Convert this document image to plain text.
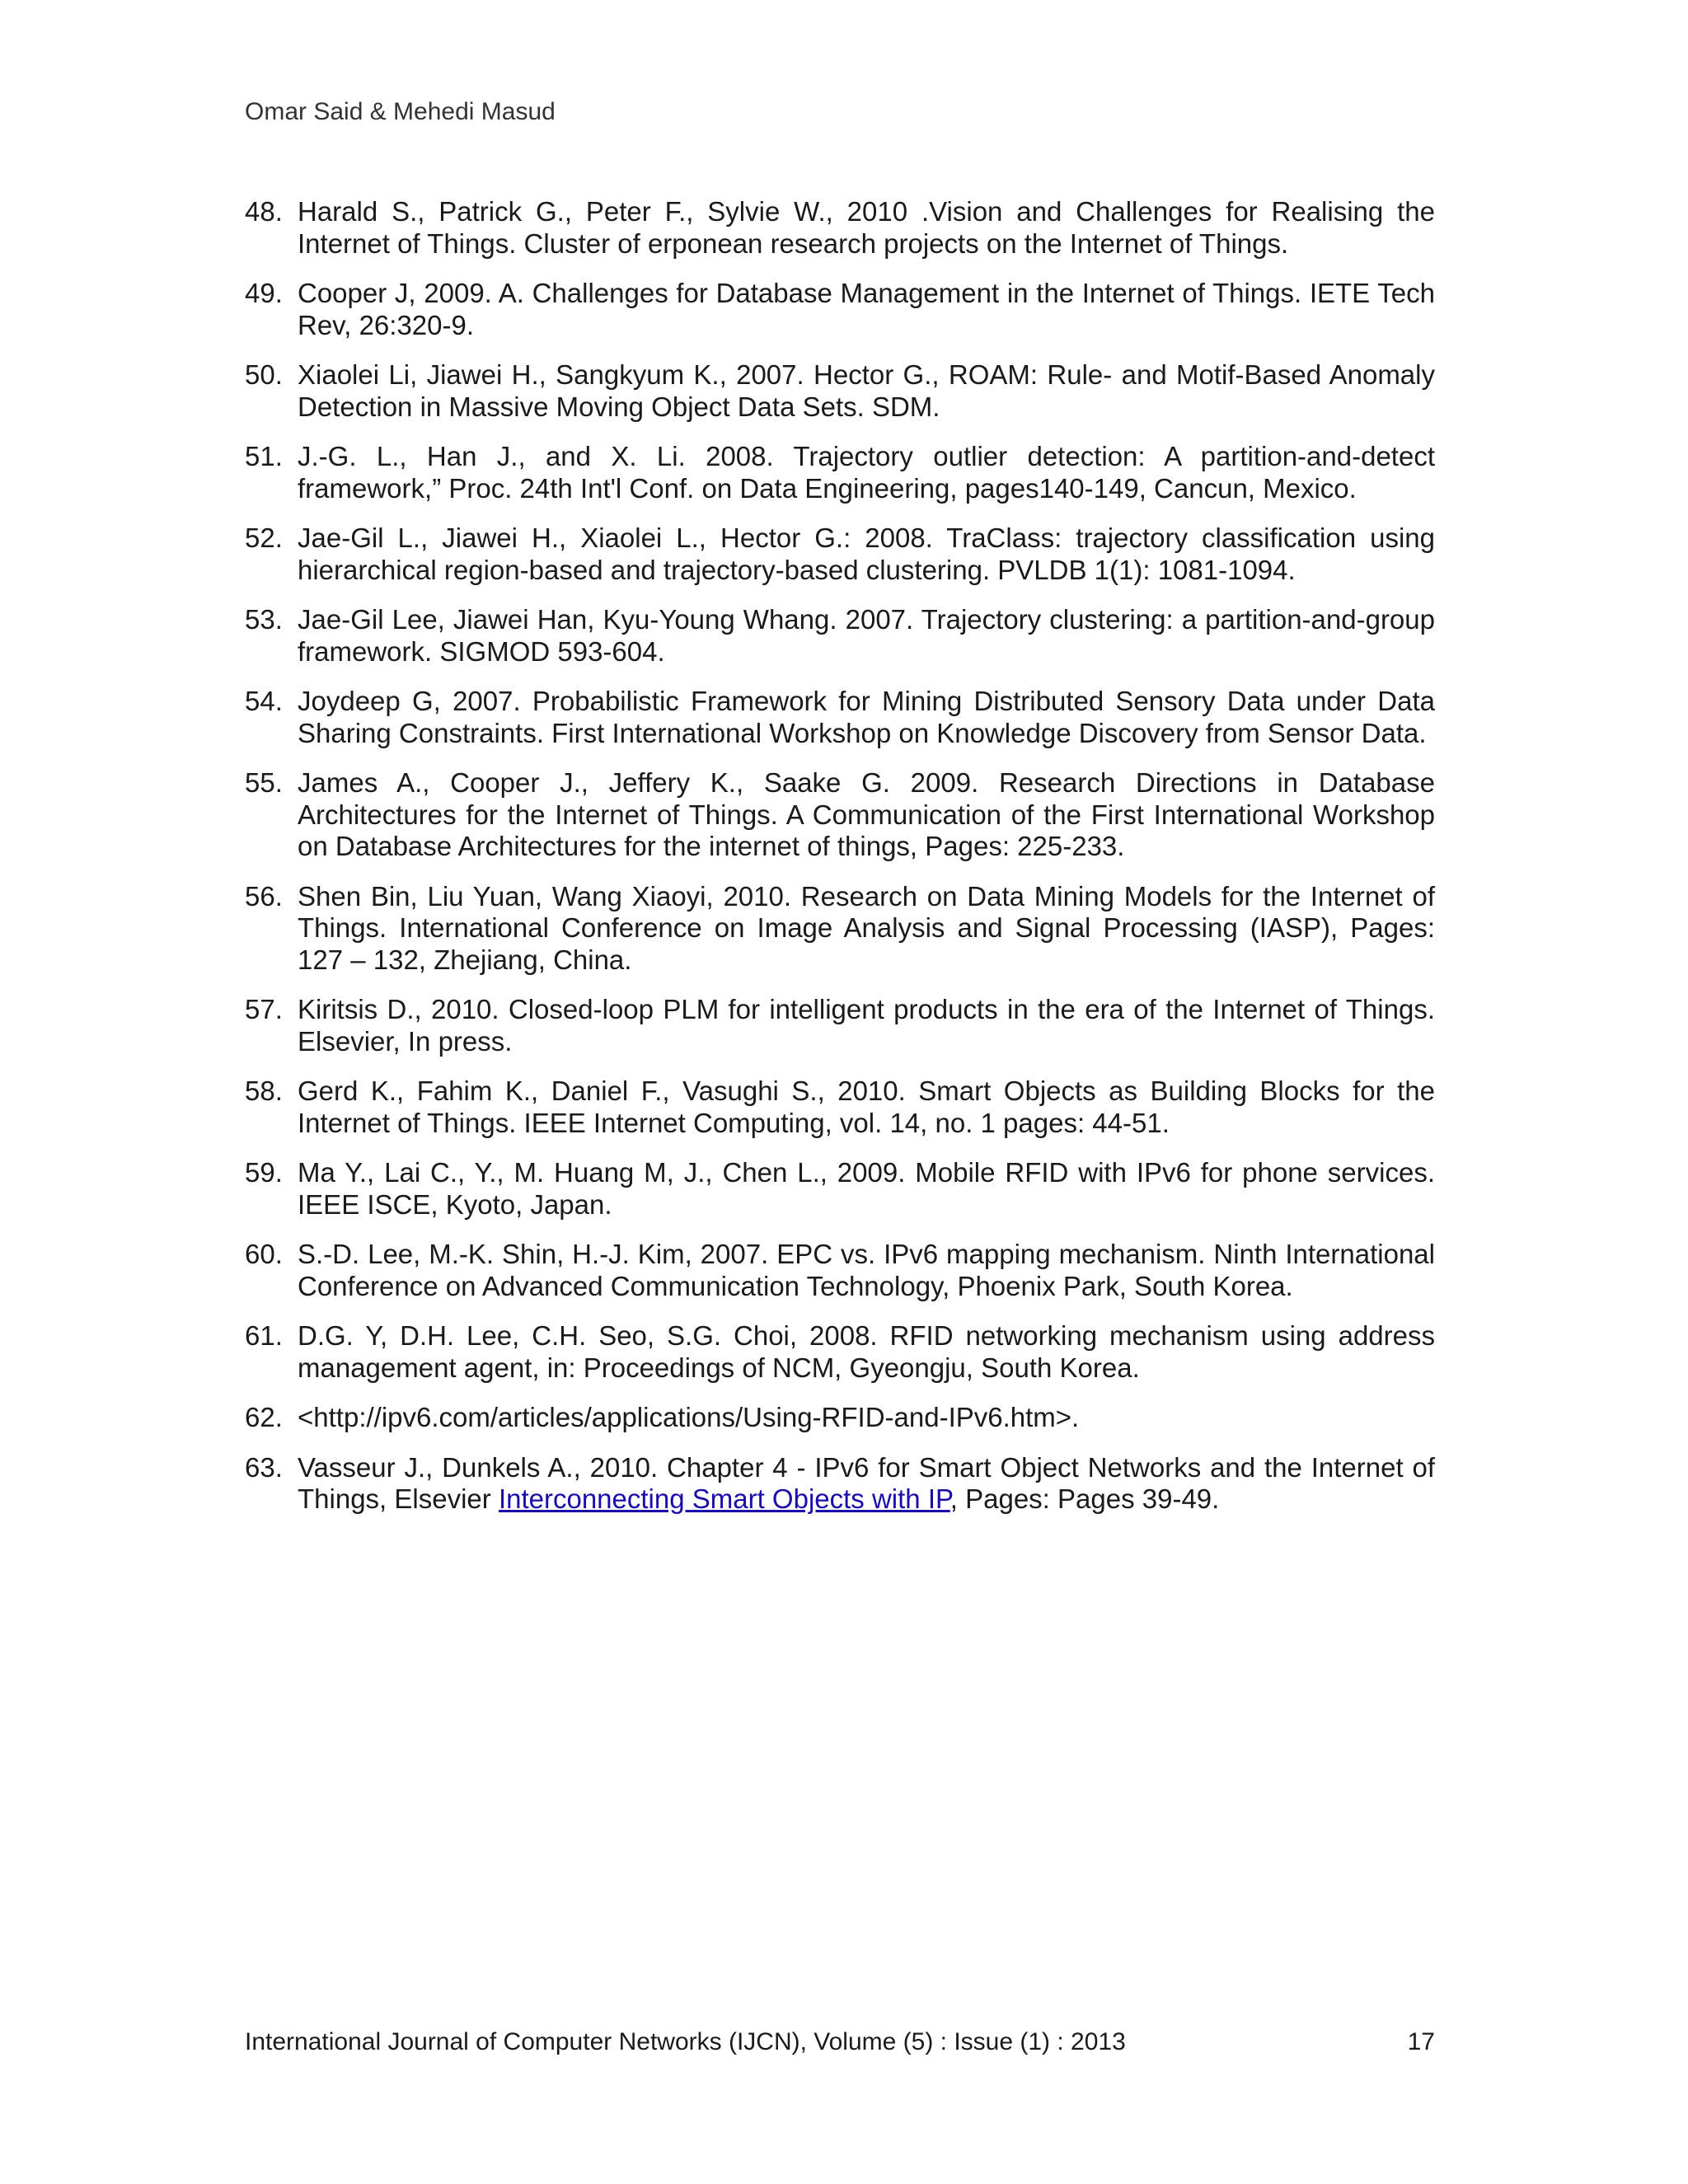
Omar Said & Mehedi Masud
48. Harald S., Patrick G., Peter F., Sylvie W., 2010 .Vision and Challenges for Realising the Internet of Things. Cluster of erponean research projects on the Internet of Things.
49. Cooper J, 2009. A. Challenges for Database Management in the Internet of Things. IETE Tech Rev, 26:320-9.
50. Xiaolei Li, Jiawei H., Sangkyum K., 2007. Hector G., ROAM: Rule- and Motif-Based Anomaly Detection in Massive Moving Object Data Sets. SDM.
51. J.-G. L., Han J., and X. Li. 2008. Trajectory outlier detection: A partition-and-detect framework,” Proc. 24th Int'l Conf. on Data Engineering, pages140-149, Cancun, Mexico.
52. Jae-Gil L., Jiawei H., Xiaolei L., Hector G.: 2008. TraClass: trajectory classification using hierarchical region-based and trajectory-based clustering. PVLDB 1(1): 1081-1094.
53. Jae-Gil Lee, Jiawei Han, Kyu-Young Whang. 2007. Trajectory clustering: a partition-and-group framework. SIGMOD 593-604.
54. Joydeep G, 2007. Probabilistic Framework for Mining Distributed Sensory Data under Data Sharing Constraints. First International Workshop on Knowledge Discovery from Sensor Data.
55. James A., Cooper J., Jeffery K., Saake G. 2009. Research Directions in Database Architectures for the Internet of Things. A Communication of the First International Workshop on Database Architectures for the internet of things, Pages: 225-233.
56. Shen Bin, Liu Yuan, Wang Xiaoyi, 2010. Research on Data Mining Models for the Internet of Things. International Conference on Image Analysis and Signal Processing (IASP), Pages: 127 – 132, Zhejiang, China.
57. Kiritsis D., 2010. Closed-loop PLM for intelligent products in the era of the Internet of Things. Elsevier, In press.
58. Gerd K., Fahim K., Daniel F., Vasughi S., 2010. Smart Objects as Building Blocks for the Internet of Things. IEEE Internet Computing, vol. 14, no. 1 pages: 44-51.
59. Ma Y., Lai C., Y., M. Huang M, J., Chen L., 2009. Mobile RFID with IPv6 for phone services. IEEE ISCE, Kyoto, Japan.
60. S.-D. Lee, M.-K. Shin, H.-J. Kim, 2007. EPC vs. IPv6 mapping mechanism. Ninth International Conference on Advanced Communication Technology, Phoenix Park, South Korea.
61. D.G. Y, D.H. Lee, C.H. Seo, S.G. Choi, 2008. RFID networking mechanism using address management agent, in: Proceedings of NCM, Gyeongju, South Korea.
62. <http://ipv6.com/articles/applications/Using-RFID-and-IPv6.htm>.
63. Vasseur J., Dunkels A., 2010. Chapter 4 - IPv6 for Smart Object Networks and the Internet of Things, Elsevier Interconnecting Smart Objects with IP, Pages: Pages 39-49.
International Journal of Computer Networks (IJCN), Volume (5) : Issue (1) : 2013	17
